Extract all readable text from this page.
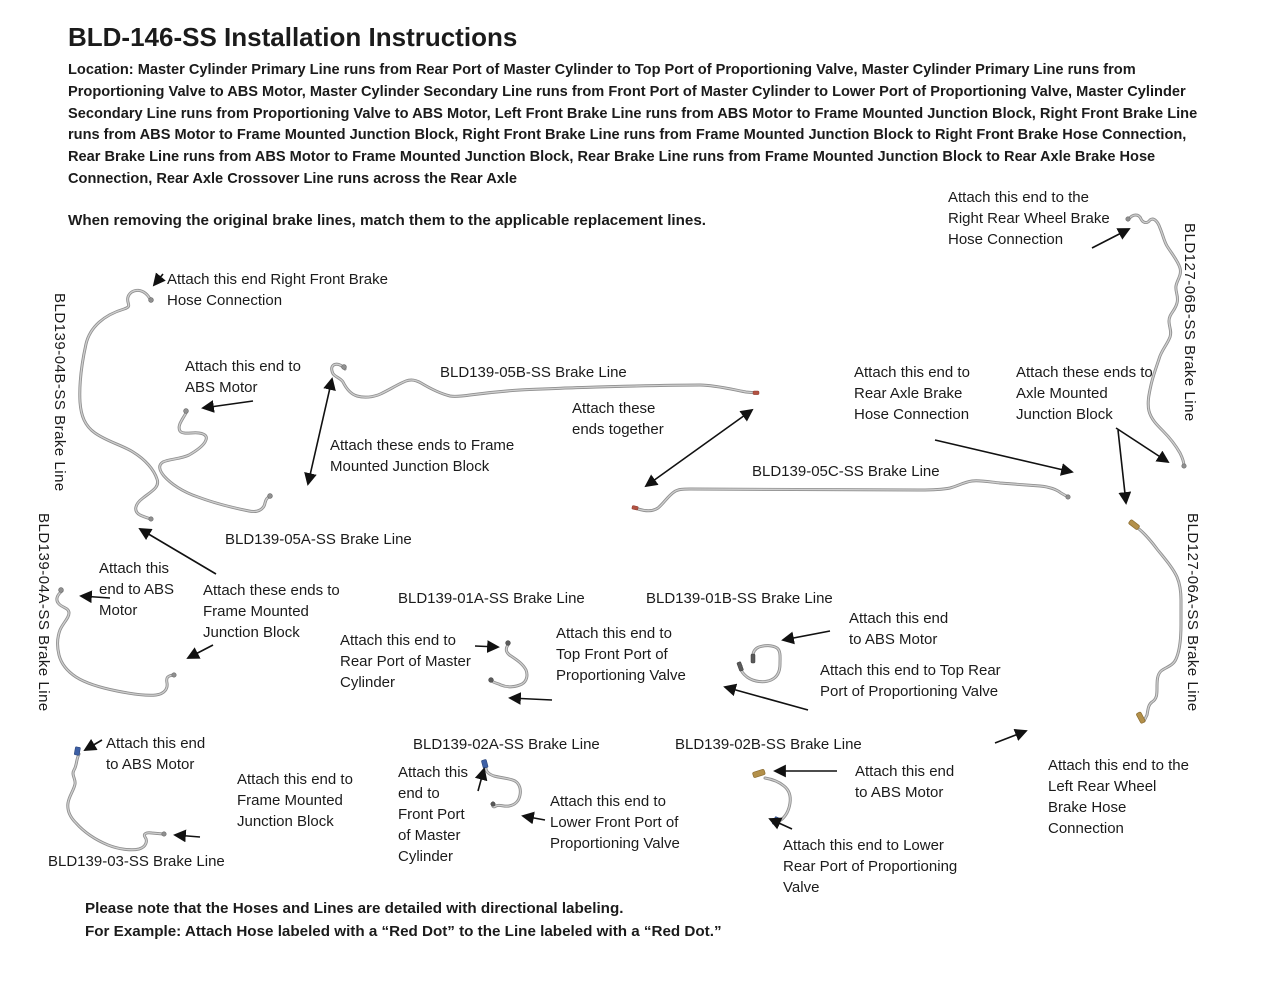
BLD-146-SS Installation Instructions
Location: Master Cylinder Primary Line runs from Rear Port of Master Cylinder to Top Port of Proportioning Valve, Master Cylinder Primary Line runs from Proportioning Valve to ABS Motor, Master Cylinder Secondary Line runs from Front Port of Master Cylinder to Lower Port of Proportioning Valve, Master Cylinder Secondary Line runs from Proportioning Valve to ABS Motor, Left Front Brake Line runs from ABS Motor to Frame Mounted Junction Block, Right Front Brake Line runs from ABS Motor to Frame Mounted Junction Block, Right Front Brake Line runs from Frame Mounted Junction Block to Right Front Brake Hose Connection, Rear Brake Line runs from ABS Motor to Frame Mounted Junction Block, Rear Brake Line runs from Frame Mounted Junction Block to Rear Axle Brake Hose Connection, Rear Axle Crossover Line runs across the Rear Axle
When removing the original brake lines, match them to the applicable replacement lines.
BLD139-04B-SS Brake Line	BLD127-06B-SS Brake Line
BLD139-04A-SS Brake Line	BLD127-06A-SS Brake Line
BLD139-05B-SS Brake Line
BLD139-05C-SS Brake Line
BLD139-05A-SS Brake Line
BLD139-01A-SS Brake Line	BLD139-01B-SS Brake Line
BLD139-02A-SS Brake Line	BLD139-02B-SS Brake Line
BLD139-03-SS Brake Line
Attach this end Right Front Brake Hose Connection
Attach this end to ABS Motor
Attach these ends to Frame Mounted Junction Block
Attach these ends together
Attach this end to the Right Rear Wheel Brake Hose Connection
Attach this end to Rear Axle Brake Hose Connection
Attach these ends to Axle Mounted Junction Block
Attach this end to ABS Motor
Attach these ends to Frame Mounted Junction Block	Attach this end to Rear Port of Master Cylinder
Attach this end to Top Front Port of Proportioning Valve
Attach this end to ABS Motor
Attach this end to Top Rear Port of Proportioning Valve
Attach this end to ABS Motor
Attach this end to Frame Mounted Junction Block
Attach this end to Front Port of Master Cylinder
Attach this end to Lower Front Port of Proportioning Valve
Attach this end to ABS Motor
Attach this end to Lower Rear Port of Proportioning Valve
Attach this end to the Left Rear Wheel Brake Hose Connection
Please note that the Hoses and Lines are detailed with directional labeling.
For Example: Attach Hose labeled with a “Red Dot” to the Line labeled with a “Red Dot.”
